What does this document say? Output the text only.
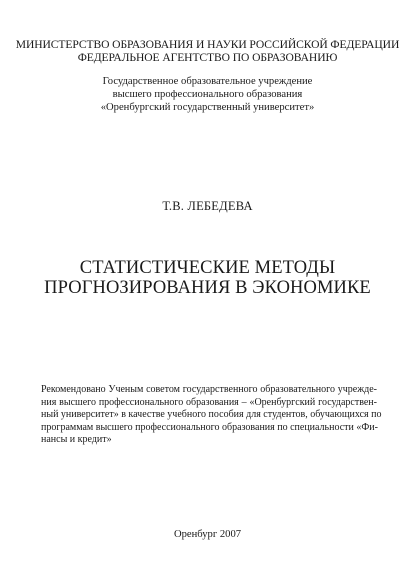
МИНИСТЕРСТВО ОБРАЗОВАНИЯ И НАУКИ РОССИЙСКОЙ ФЕДЕРАЦИИ
ФЕДЕРАЛЬНОЕ АГЕНТСТВО ПО ОБРАЗОВАНИЮ
Государственное образовательное учреждение
высшего профессионального образования
«Оренбургский государственный университет»
Т.В. ЛЕБЕДЕВА
СТАТИСТИЧЕСКИЕ МЕТОДЫ
ПРОГНОЗИРОВАНИЯ В ЭКОНОМИКЕ
Рекомендовано Ученым советом государственного образовательного учрежде-
ния высшего профессионального образования – «Оренбургский государствен-
ный университет» в качестве учебного пособия для студентов, обучающихся по
программам высшего профессионального образования по специальности «Фи-
нансы и кредит»
Оренбург 2007
